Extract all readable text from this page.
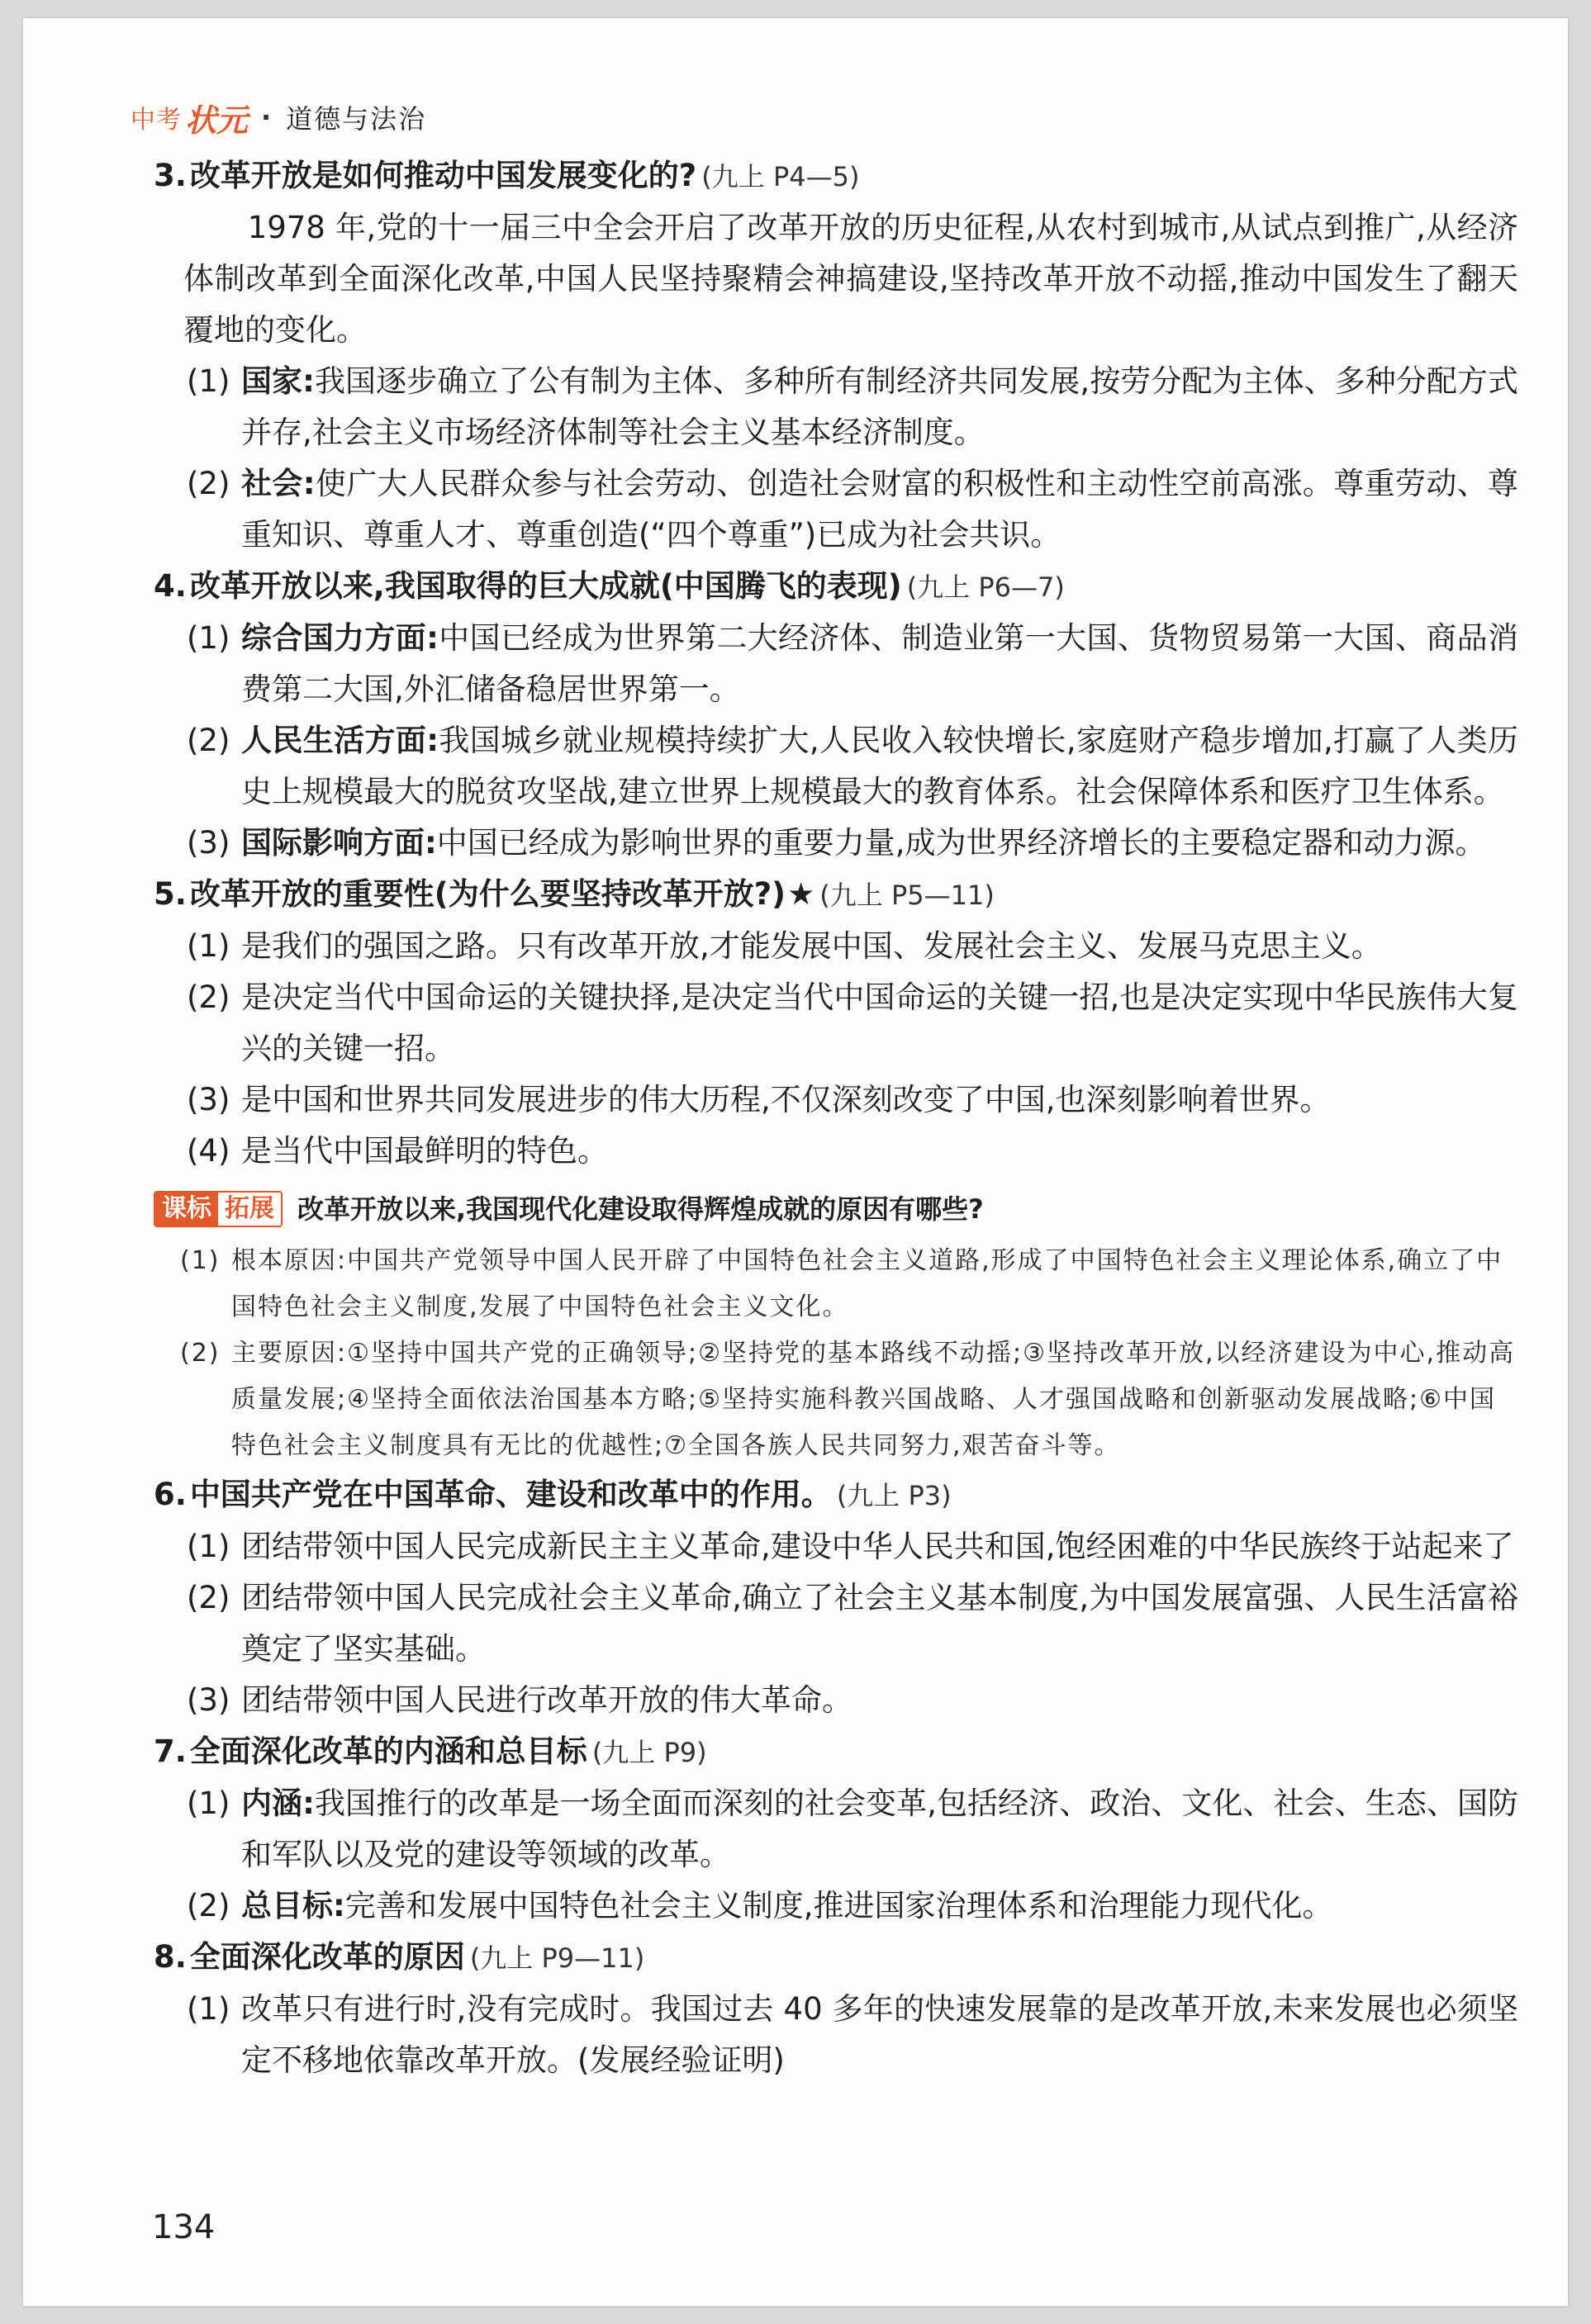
中考 状元 · 道德与法治
3. 改革开放是如何推动中国发展变化的? (九上 P4—5)
1978 年,党的十一届三中全会开启了改革开放的历史征程,从农村到城市,从试点到推广,从经济体制改革到全面深化改革,中国人民坚持聚精会神搞建设,坚持改革开放不动摇,推动中国发生了翻天覆地的变化。
(1) 国家:我国逐步确立了公有制为主体、多种所有制经济共同发展,按劳分配为主体、多种分配方式并存,社会主义市场经济体制等社会主义基本经济制度。
(2) 社会:使广大人民群众参与社会劳动、创造社会财富的积极性和主动性空前高涨。尊重劳动、尊重知识、尊重人才、尊重创造(“四个尊重”)已成为社会共识。
4. 改革开放以来,我国取得的巨大成就(中国腾飞的表现) (九上 P6—7)
(1) 综合国力方面:中国已经成为世界第二大经济体、制造业第一大国、货物贸易第一大国、商品消费第二大国,外汇储备稳居世界第一。
(2) 人民生活方面:我国城乡就业规模持续扩大,人民收入较快增长,家庭财产稳步增加,打赢了人类历史上规模最大的脱贫攻坚战,建立世界上规模最大的教育体系。社会保障体系和医疗卫生体系。
(3) 国际影响方面:中国已经成为影响世界的重要力量,成为世界经济增长的主要稳定器和动力源。
5. 改革开放的重要性(为什么要坚持改革开放?) ★ (九上 P5—11)
(1) 是我们的强国之路。只有改革开放,才能发展中国、发展社会主义、发展马克思主义。
(2) 是决定当代中国命运的关键抉择,是决定当代中国命运的关键一招,也是决定实现中华民族伟大复兴的关键一招。
(3) 是中国和世界共同发展进步的伟大历程,不仅深刻改变了中国,也深刻影响着世界。
(4) 是当代中国最鲜明的特色。
课标 拓展 改革开放以来,我国现代化建设取得辉煌成就的原因有哪些?
(1) 根本原因:中国共产党领导中国人民开辟了中国特色社会主义道路,形成了中国特色社会主义理论体系,确立了中国特色社会主义制度,发展了中国特色社会主义文化。
(2) 主要原因:①坚持中国共产党的正确领导;②坚持党的基本路线不动摇;③坚持改革开放,以经济建设为中心,推动高质量发展;④坚持全面依法治国基本方略;⑤坚持实施科教兴国战略、人才强国战略和创新驱动发展战略;⑥中国特色社会主义制度具有无比的优越性;⑦全国各族人民共同努力,艰苦奋斗等。
6. 中国共产党在中国革命、建设和改革中的作用。 (九上 P3)
(1) 团结带领中国人民完成新民主主义革命,建设中华人民共和国,饱经困难的中华民族终于站起来了
(2) 团结带领中国人民完成社会主义革命,确立了社会主义基本制度,为中国发展富强、人民生活富裕奠定了坚实基础。
(3) 团结带领中国人民进行改革开放的伟大革命。
7. 全面深化改革的内涵和总目标 (九上 P9)
(1) 内涵:我国推行的改革是一场全面而深刻的社会变革,包括经济、政治、文化、社会、生态、国防和军队以及党的建设等领域的改革。
(2) 总目标:完善和发展中国特色社会主义制度,推进国家治理体系和治理能力现代化。
8. 全面深化改革的原因 (九上 P9—11)
(1) 改革只有进行时,没有完成时。我国过去 40 多年的快速发展靠的是改革开放,未来发展也必须坚定不移地依靠改革开放。(发展经验证明)
134
